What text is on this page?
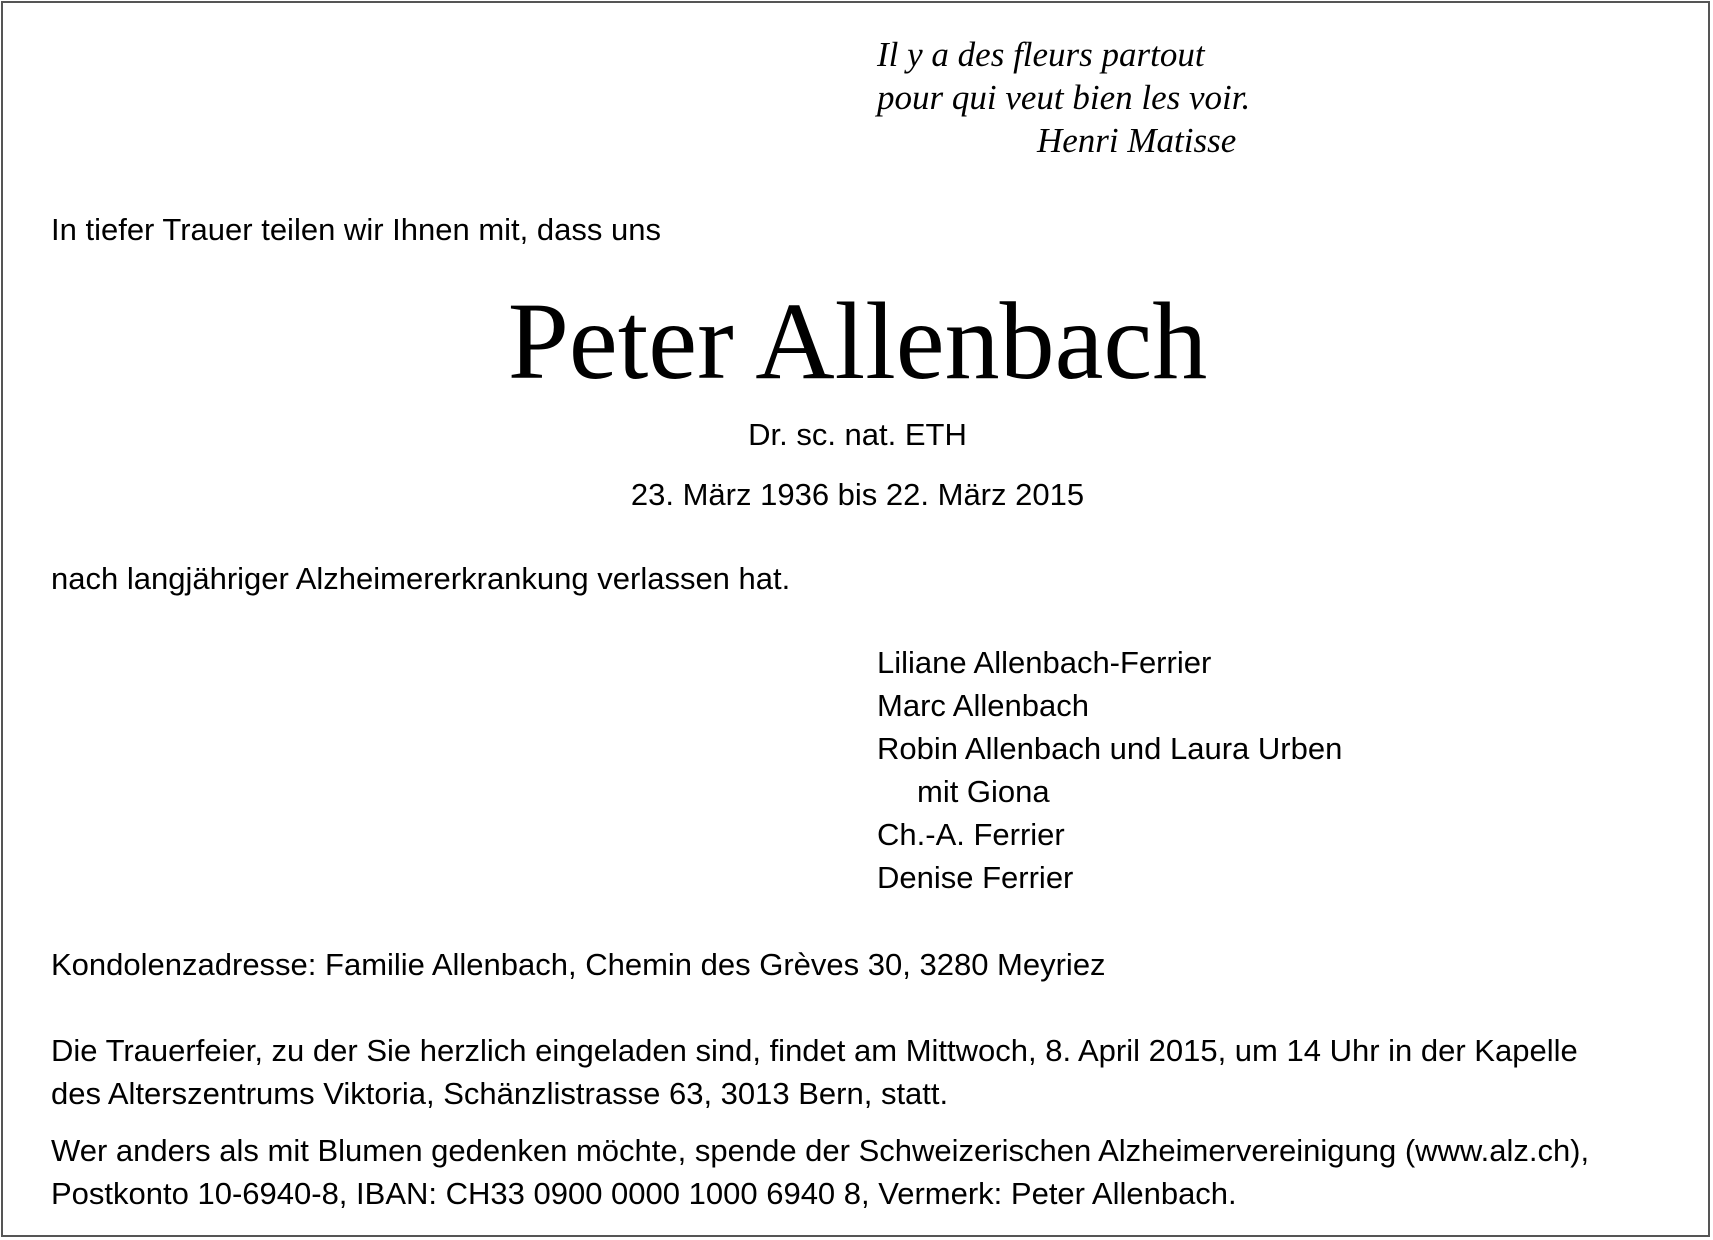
Il y a des fleurs partout
pour qui veut bien les voir.
Henri Matisse
In tiefer Trauer teilen wir Ihnen mit, dass uns
Peter Allenbach
Dr. sc. nat. ETH
23. März 1936 bis 22. März 2015
nach langjähriger Alzheimererkrankung verlassen hat.
Liliane Allenbach-Ferrier
Marc Allenbach
Robin Allenbach und Laura Urben
mit Giona
Ch.-A. Ferrier
Denise Ferrier
Kondolenzadresse: Familie Allenbach, Chemin des Grèves 30, 3280 Meyriez
Die Trauerfeier, zu der Sie herzlich eingeladen sind, findet am Mittwoch, 8. April 2015, um 14 Uhr in der Kapelle
des Alterszentrums Viktoria, Schänzlistrasse 63, 3013 Bern, statt.
Wer anders als mit Blumen gedenken möchte, spende der Schweizerischen Alzheimervereinigung (www.alz.ch),
Postkonto 10-6940-8, IBAN: CH33 0900 0000 1000 6940 8, Vermerk: Peter Allenbach.
